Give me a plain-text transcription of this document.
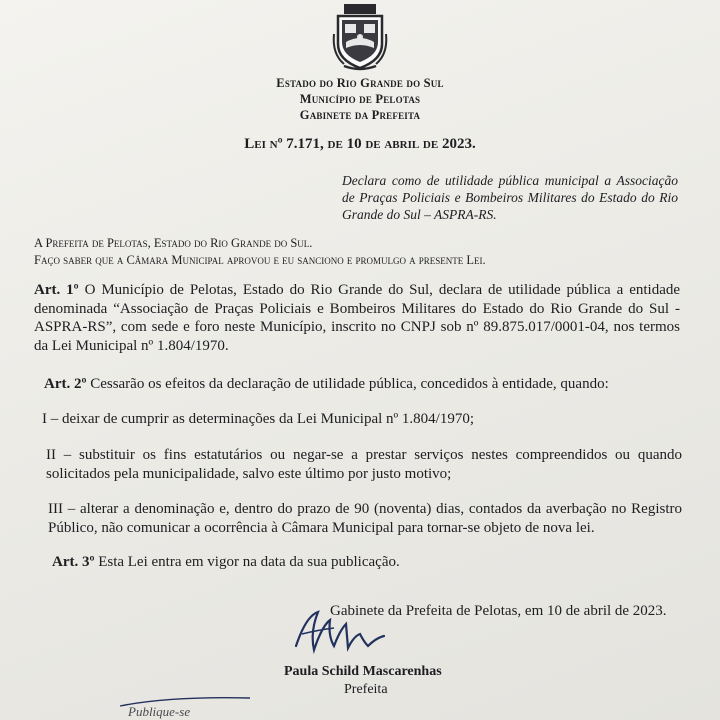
Estado do Rio Grande do Sul

Município de Pelotas

Gabinete da Prefeita

Lei nº 7.171, de 10 de abril de 2023.

Declara como de utilidade pública municipal a Associação de Praças Policiais e Bombeiros Militares do Estado do Rio Grande do Sul – ASPRA-RS.

A Prefeita de Pelotas, Estado do Rio Grande do Sul.

Faço saber que a Câmara Municipal aprovou e eu sanciono e promulgo a presente Lei.

Art. 1º O Município de Pelotas, Estado do Rio Grande do Sul, declara de utilidade pública a entidade denominada “Associação de Praças Policiais e Bombeiros Militares do Estado do Rio Grande do Sul - ASPRA-RS”, com sede e foro neste Município, inscrito no CNPJ sob nº 89.875.017/0001-04, nos termos da Lei Municipal nº 1.804/1970.

Art. 2º Cessarão os efeitos da declaração de utilidade pública, concedidos à entidade, quando:

I – deixar de cumprir as determinações da Lei Municipal nº 1.804/1970;

II – substituir os fins estatutários ou negar-se a prestar serviços nestes compreendidos ou quando solicitados pela municipalidade, salvo este último por justo motivo;

III – alterar a denominação e, dentro do prazo de 90 (noventa) dias, contados da averbação no Registro Público, não comunicar a ocorrência à Câmara Municipal para tornar-se objeto de nova lei.

Art. 3º Esta Lei entra em vigor na data da sua publicação.

Gabinete da Prefeita de Pelotas, em 10 de abril de 2023.

Paula Schild Mascarenhas

Prefeita

Publique-se
